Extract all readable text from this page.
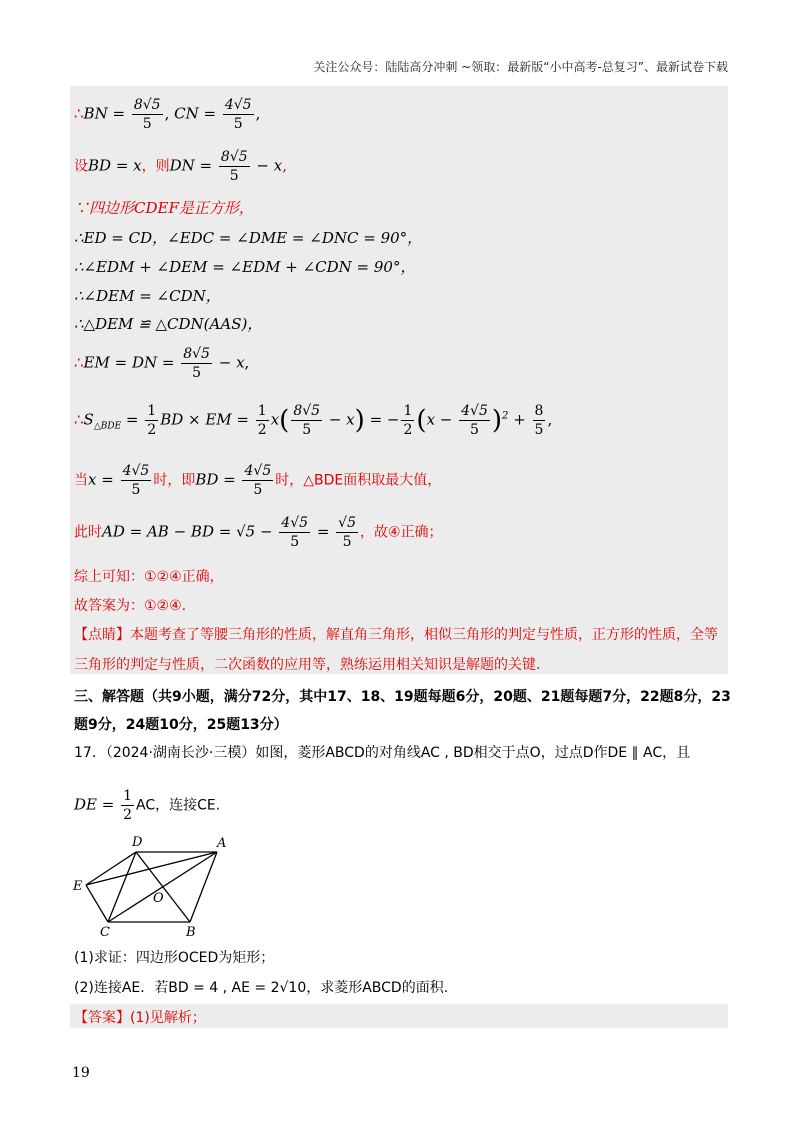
关注公众号：陆陆高分冲刺 ~领取：最新版“小中高考-总复习”、最新试卷下载
∴BN = $\frac{8√5}{5}$ , CN = $\frac{4√5}{5}$ ,
设BD = x，则DN = $\frac{8√5}{5} - x$,
∵四边形CDEF是正方形，
∴ED = CD，∠EDC = ∠DME = ∠DNC = 90°，
∴∠EDM + ∠DEM = ∠EDM + ∠CDN = 90°，
∴∠DEM = ∠CDN，
∴△DEM ≌ △CDN(AAS)，
∴EM = DN = $\frac{8√5}{5} - x$,
$\therefore S_{\triangle BDE} = \frac{1}{2}$ BD × EM = $\frac{1}{2} x( \frac{8√5}{5} - x)$ = − $\frac{1}{2} (x - \frac{4√5}{5} )^2 + \frac{8}{5}$ ,
当$x = \frac{4√5}{5}$ 时，即BD = $\frac{4√5}{5}$ 时，△BDE面积取最大值，
此时AD = AB − BD = $√5 - \frac{4√5}{5} = \frac{√5}{5}$ ，故④正确；
综上可知：①②④正确，
故答案为：①②④.
【点睛】本题考查了等腰三角形的性质，解直角三角形，相似三角形的判定与性质，正方形的性质，全等
三角形的判定与性质，二次函数的应用等，熟练运用相关知识是解题的关键.
三、解答题（共9小题，满分72分，其中17、18、19题每题6分，20题、21题每题7分，22题8分，23
题9分，24题10分，25题13分）
17．（2024·湖南长沙·三模）如图，菱形ABCD的对角线AC , BD相交于点O，过点D作DE ∥ AC，且
DE = $\frac{1}{2}$ AC，连接CE.
D	A
E
O
C	B
(1)求证：四边形OCED为矩形；
(2)连接AE．若BD = 4 , AE = 2√10，求菱形ABCD的面积.
【答案】(1)见解析；
19
